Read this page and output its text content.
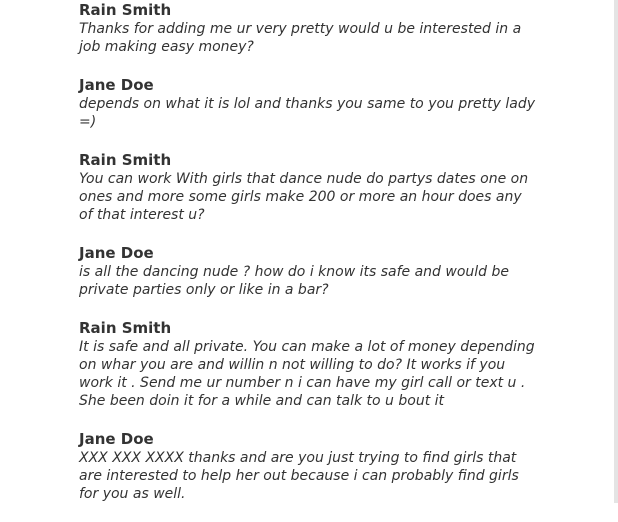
Rain Smith
Thanks for adding me ur very pretty would u be interested in a job making easy money?
Jane Doe
depends on what it is lol and thanks you same to you pretty lady =)
Rain Smith
You can work With girls that dance nude do partys dates one on ones and more some girls make 200 or more an hour does any of that interest u?
Jane Doe
is all the dancing nude ? how do i know its safe and would be private parties only or like in a bar?
Rain Smith
It is safe and all private. You can make a lot of money depending on whar you are and willin n not willing to do? It works if you work it . Send me ur number n i can have my girl call or text u . She been doin it for a while and can talk to u bout it
Jane Doe
XXX XXX XXXX thanks and are you just trying to find girls that are interested to help her out because i can probably find girls for you as well.
